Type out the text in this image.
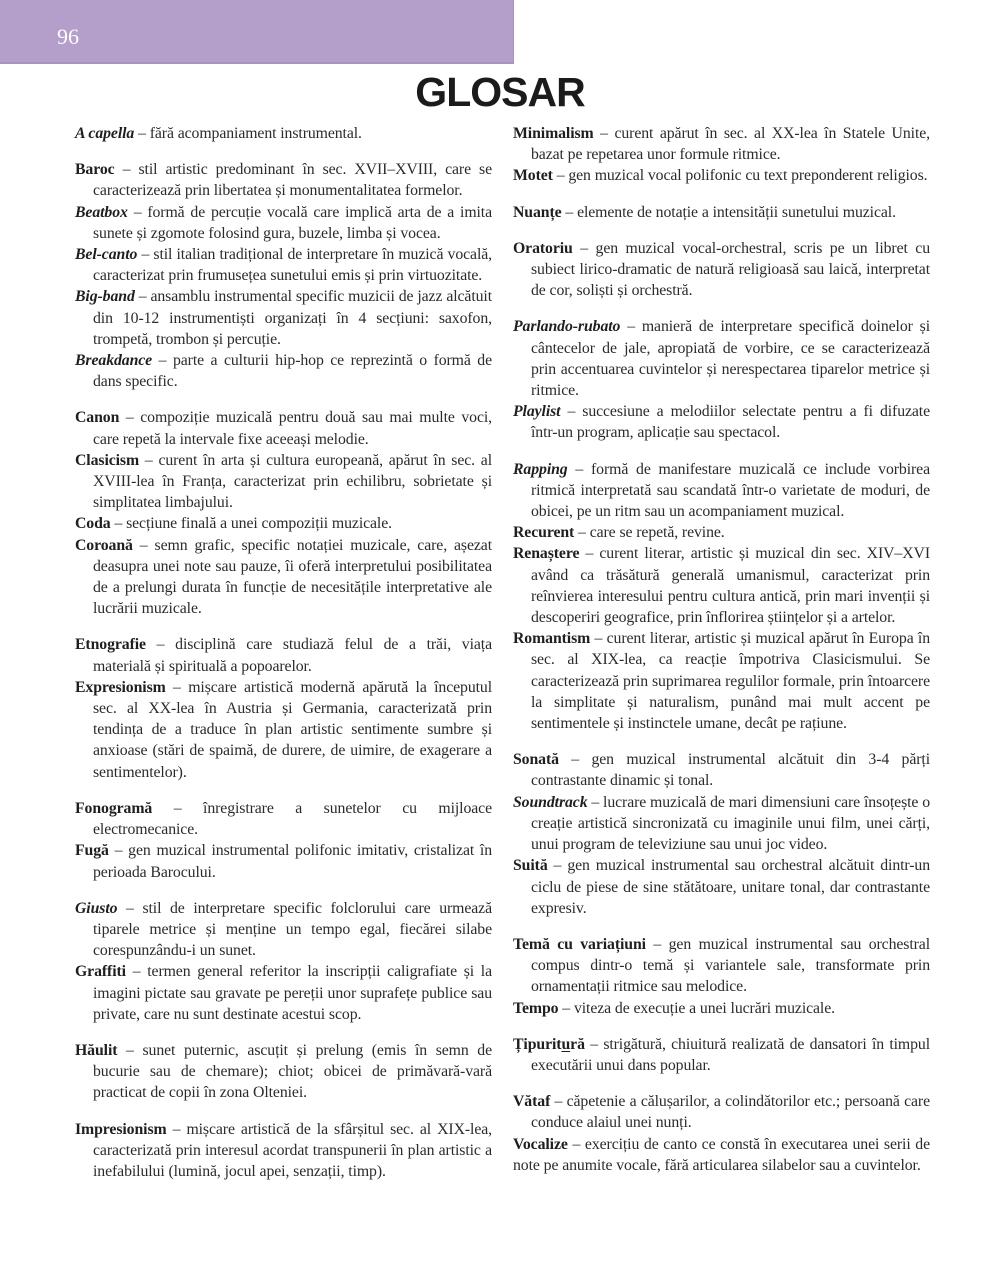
96
GLOSAR

A capella – fără acompaniament instrumental.

Baroc – stil artistic predominant în sec. XVII–XVIII, care se caracterizează prin libertatea și monumentalitatea formelor.

Beatbox – formă de percuție vocală care implică arta de a imita sunete și zgomote folosind gura, buzele, limba și vocea.

Bel-canto – stil italian tradițional de interpretare în muzică vocală, caracterizat prin frumusețea sunetului emis și prin virtuozitate.

Big-band – ansamblu instrumental specific muzicii de jazz alcătuit din 10-12 instrumentiști organizați în 4 secțiuni: saxofon, trompetă, trombon și percuție.

Breakdance – parte a culturii hip-hop ce reprezintă o formă de dans specific.

Canon – compoziție muzicală pentru două sau mai multe voci, care repetă la intervale fixe aceeași melodie.

Clasicism – curent în arta și cultura europeană, apărut în sec. al XVIII-lea în Franța, caracterizat prin echilibru, sobrietate și simplitatea limbajului.

Coda – secțiune finală a unei compoziții muzicale.

Coroană – semn grafic, specific notației muzicale, care, așezat deasupra unei note sau pauze, îi oferă interpretului posibilitatea de a prelungi durata în funcție de necesitățile interpretative ale lucrării muzicale.

Etnografie – disciplină care studiază felul de a trăi, viața materială și spirituală a popoarelor.

Expresionism – mișcare artistică modernă apărută la începutul sec. al XX-lea în Austria și Germania, caracterizată prin tendința de a traduce în plan artistic sentimente sumbre și anxioase (stări de spaimă, de durere, de uimire, de exagerare a sentimentelor).

Fonogramă – înregistrare a sunetelor cu mijloace electromecanice.

Fugă – gen muzical instrumental polifonic imitativ, cristalizat în perioada Barocului.

Giusto – stil de interpretare specific folclorului care urmează tiparele metrice și menține un tempo egal, fiecărei silabe corespunzându-i un sunet.

Graffiti – termen general referitor la inscripții caligrafiate și la imagini pictate sau gravate pe pereții unor suprafețe publice sau private, care nu sunt destinate acestui scop.

Hăulit – sunet puternic, ascuțit și prelung (emis în semn de bucurie sau de chemare); chiot; obicei de primăvară-vară practicat de copii în zona Olteniei.

Impresionism – mișcare artistică de la sfârșitul sec. al XIX-lea, caracterizată prin interesul acordat transpunerii în plan artistic a inefabilului (lumină, jocul apei, senzații, timp).

Minimalism – curent apărut în sec. al XX-lea în Statele Unite, bazat pe repetarea unor formule ritmice.

Motet – gen muzical vocal polifonic cu text preponderent religios.

Nuanțe – elemente de notație a intensității sunetului muzical.

Oratoriu – gen muzical vocal-orchestral, scris pe un libret cu subiect lirico-dramatic de natură religioasă sau laică, interpretat de cor, soliști și orchestră.

Parlando-rubato – manieră de interpretare specifică doinelor și cântecelor de jale, apropiată de vorbire, ce se caracterizează prin accentuarea cuvintelor și nerespectarea tiparelor metrice și ritmice.

Playlist – succesiune a melodiilor selectate pentru a fi difuzate într-un program, aplicație sau spectacol.

Rapping – formă de manifestare muzicală ce include vorbirea ritmică interpretată sau scandată într-o varietate de moduri, de obicei, pe un ritm sau un acompaniament muzical.

Recurent – care se repetă, revine.

Renaștere – curent literar, artistic și muzical din sec. XIV–XVI având ca trăsătură generală umanismul, caracterizat prin reînvierea interesului pentru cultura antică, prin mari invenții și descoperiri geografice, prin înflorirea științelor și a artelor.

Romantism – curent literar, artistic și muzical apărut în Europa în sec. al XIX-lea, ca reacție împotriva Clasicismului. Se caracterizează prin suprimarea regulilor formale, prin întoarcere la simplitate și naturalism, punând mai mult accent pe sentimentele și instinctele umane, decât pe rațiune.

Sonată – gen muzical instrumental alcătuit din 3-4 părți contrastante dinamic și tonal.

Soundtrack – lucrare muzicală de mari dimensiuni care însoțește o creație artistică sincronizată cu imaginile unui film, unei cărți, unui program de televiziune sau unui joc video.

Suită – gen muzical instrumental sau orchestral alcătuit dintr-un ciclu de piese de sine stătătoare, unitare tonal, dar contrastante expresiv.

Temă cu variațiuni – gen muzical instrumental sau orchestral compus dintr-o temă și variantele sale, transformate prin ornamentații ritmice sau melodice.

Tempo – viteza de execuție a unei lucrări muzicale.

Țipuritură – strigătură, chiuitură realizată de dansatori în timpul executării unui dans popular.

Vătaf – căpetenie a călușarilor, a colindătorilor etc.; persoană care conduce alaiul unei nunți.

Vocalize – exercițiu de canto ce constă în executarea unei serii de note pe anumite vocale, fără articularea silabelor sau a cuvintelor.
